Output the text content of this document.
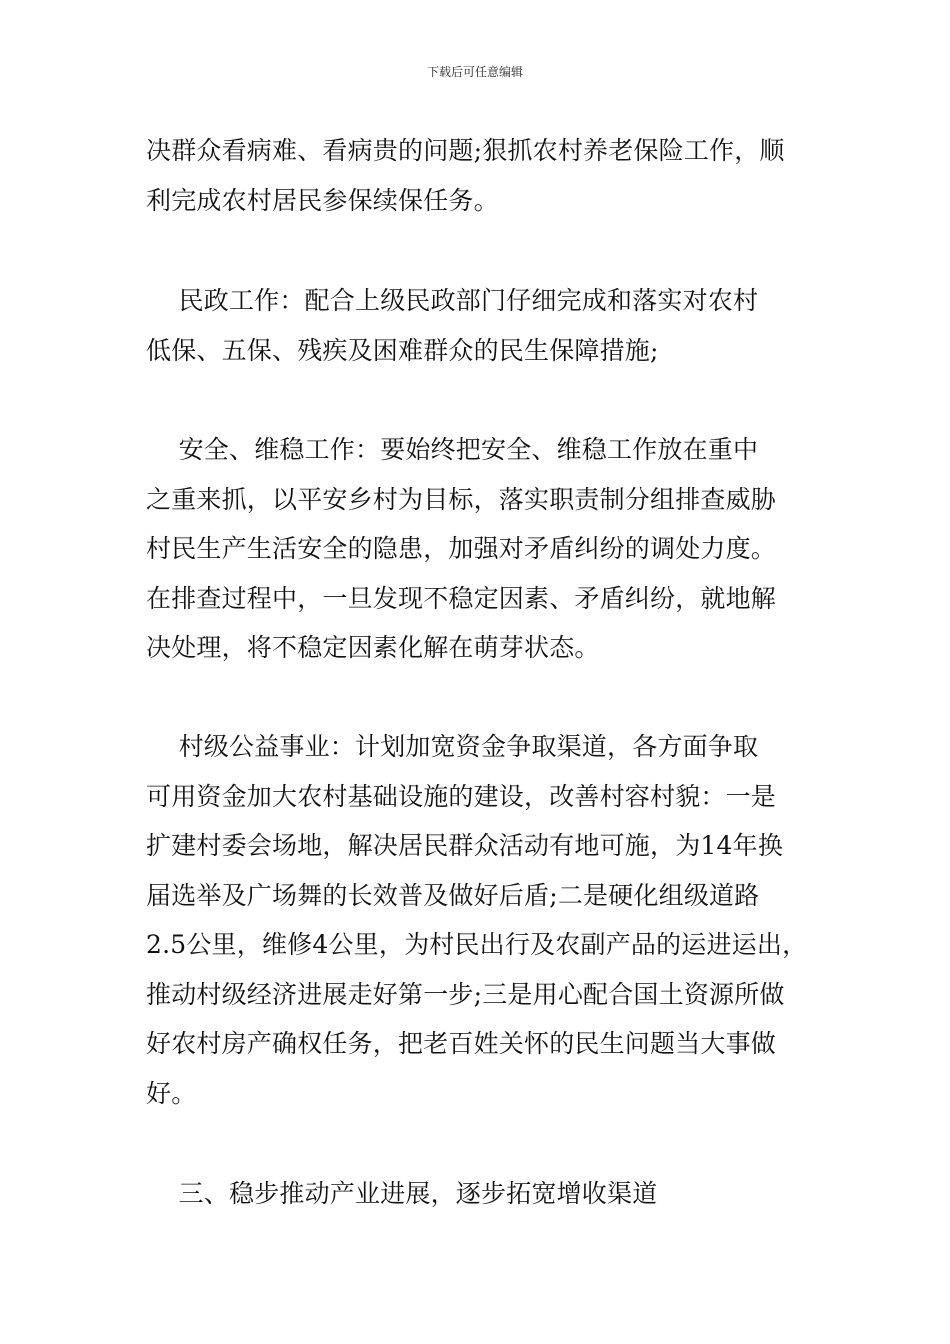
下载后可任意编辑
决群众看病难、看病贵的问题;狠抓农村养老保险工作，顺
利完成农村居民参保续保任务。
民政工作：配合上级民政部门仔细完成和落实对农村
低保、五保、残疾及困难群众的民生保障措施;
安全、维稳工作：要始终把安全、维稳工作放在重中
之重来抓，以平安乡村为目标，落实职责制分组排查威胁
村民生产生活安全的隐患，加强对矛盾纠纷的调处力度。
在排查过程中，一旦发现不稳定因素、矛盾纠纷，就地解
决处理，将不稳定因素化解在萌芽状态。
村级公益事业：计划加宽资金争取渠道，各方面争取
可用资金加大农村基础设施的建设，改善村容村貌：一是
扩建村委会场地，解决居民群众活动有地可施，为14年换
届选举及广场舞的长效普及做好后盾;二是硬化组级道路
2.5公里，维修4公里，为村民出行及农副产品的运进运出，
推动村级经济进展走好第一步;三是用心配合国土资源所做
好农村房产确权任务，把老百姓关怀的民生问题当大事做
好。
三、稳步推动产业进展，逐步拓宽增收渠道
